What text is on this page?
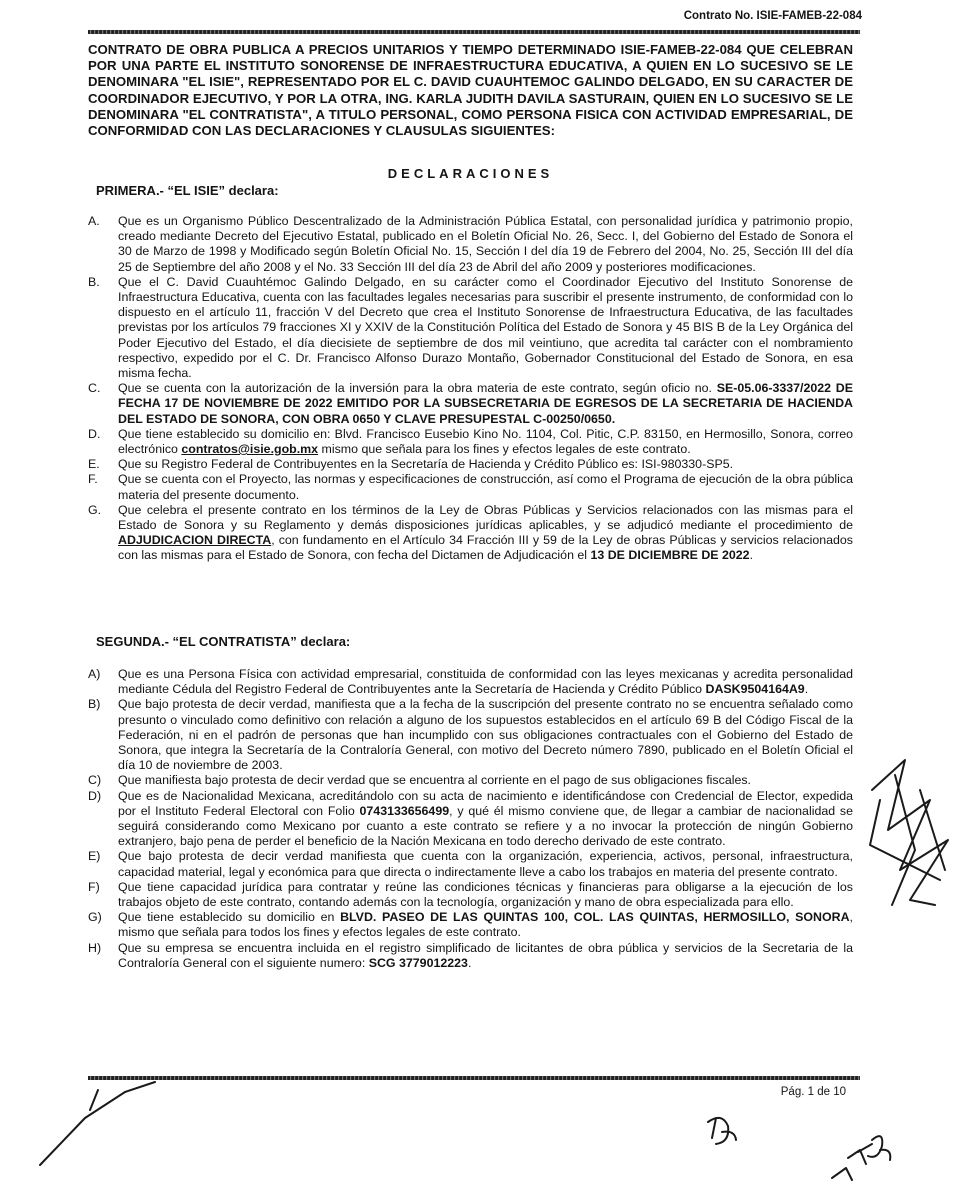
Contrato No. ISIE-FAMEB-22-084
CONTRATO DE OBRA PUBLICA A PRECIOS UNITARIOS Y TIEMPO DETERMINADO ISIE-FAMEB-22-084 QUE CELEBRAN POR UNA PARTE EL INSTITUTO SONORENSE DE INFRAESTRUCTURA EDUCATIVA, A QUIEN EN LO SUCESIVO SE LE DENOMINARA "EL ISIE", REPRESENTADO POR EL C. DAVID CUAUHTEMOC GALINDO DELGADO, EN SU CARACTER DE COORDINADOR EJECUTIVO, Y POR LA OTRA, ING. KARLA JUDITH DAVILA SASTURAIN, QUIEN EN LO SUCESIVO SE LE DENOMINARA "EL CONTRATISTA", A TITULO PERSONAL, COMO PERSONA FISICA CON ACTIVIDAD EMPRESARIAL, DE CONFORMIDAD CON LAS DECLARACIONES Y CLAUSULAS SIGUIENTES:
DECLARACIONES
PRIMERA.- “EL ISIE” declara:

A.	Que es un Organismo Público Descentralizado de la Administración Pública Estatal, con personalidad jurídica y patrimonio propio, creado mediante Decreto del Ejecutivo Estatal, publicado en el Boletín Oficial No. 26, Secc. I, del Gobierno del Estado de Sonora el 30 de Marzo de 1998 y Modificado según Boletín Oficial No. 15, Sección I del día 19 de Febrero del 2004, No. 25, Sección III del día 25 de Septiembre del año 2008 y el No. 33 Sección III del día 23 de Abril del año 2009 y posteriores modificaciones.

B.	Que el C. David Cuauhtémoc Galindo Delgado, en su carácter como el Coordinador Ejecutivo del Instituto Sonorense de Infraestructura Educativa, cuenta con las facultades legales necesarias para suscribir el presente instrumento, de conformidad con lo dispuesto en el artículo 11, fracción V del Decreto que crea el Instituto Sonorense de Infraestructura Educativa, de las facultades previstas por los artículos 79 fracciones XI y XXIV de la Constitución Política del Estado de Sonora y 45 BIS B de la Ley Orgánica del Poder Ejecutivo del Estado, el día diecisiete de septiembre de dos mil veintiuno, que acredita tal carácter con el nombramiento respectivo, expedido por el C. Dr. Francisco Alfonso Durazo Montaño, Gobernador Constitucional del Estado de Sonora, en esa misma fecha.

C.	Que se cuenta con la autorización de la inversión para la obra materia de este contrato, según oficio no. SE-05.06-3337/2022 DE FECHA 17 DE NOVIEMBRE DE 2022 EMITIDO POR LA SUBSECRETARIA DE EGRESOS DE LA SECRETARIA DE HACIENDA DEL ESTADO DE SONORA, CON OBRA 0650 Y CLAVE PRESUPESTAL C-00250/0650.

D.	Que tiene establecido su domicilio en: Blvd. Francisco Eusebio Kino No. 1104, Col. Pitic, C.P. 83150, en Hermosillo, Sonora, correo electrónico contratos@isie.gob.mx mismo que señala para los fines y efectos legales de este contrato.

E.	Que su Registro Federal de Contribuyentes en la Secretaría de Hacienda y Crédito Público es: ISI-980330-SP5.

F.	Que se cuenta con el Proyecto, las normas y especificaciones de construcción, así como el Programa de ejecución de la obra pública materia del presente documento.

G.	Que celebra el presente contrato en los términos de la Ley de Obras Públicas y Servicios relacionados con las mismas para el Estado de Sonora y su Reglamento y demás disposiciones jurídicas aplicables, y se adjudicó mediante el procedimiento de ADJUDICACION DIRECTA, con fundamento en el Artículo 34 Fracción III y 59 de la Ley de obras Públicas y servicios relacionados con las mismas para el Estado de Sonora, con fecha del Dictamen de Adjudicación el 13 DE DICIEMBRE DE 2022.

SEGUNDA.- “EL CONTRATISTA” declara:

A)	Que es una Persona Física con actividad empresarial, constituida de conformidad con las leyes mexicanas y acredita personalidad mediante Cédula del Registro Federal de Contribuyentes ante la Secretaría de Hacienda y Crédito Público DASK9504164A9.

B)	Que bajo protesta de decir verdad, manifiesta que a la fecha de la suscripción del presente contrato no se encuentra señalado como presunto o vinculado como definitivo con relación a alguno de los supuestos establecidos en el artículo 69 B del Código Fiscal de la Federación, ni en el padrón de personas que han incumplido con sus obligaciones contractuales con el Gobierno del Estado de Sonora, que integra la Secretaría de la Contraloría General, con motivo del Decreto número 7890, publicado en el Boletín Oficial el día 10 de noviembre de 2003.

C)	Que manifiesta bajo protesta de decir verdad que se encuentra al corriente en el pago de sus obligaciones fiscales.

D)	Que es de Nacionalidad Mexicana, acreditándolo con su acta de nacimiento e identificándose con Credencial de Elector, expedida por el Instituto Federal Electoral con Folio 0743133656499, y qué él mismo conviene que, de llegar a cambiar de nacionalidad se seguirá considerando como Mexicano por cuanto a este contrato se refiere y a no invocar la protección de ningún Gobierno extranjero, bajo pena de perder el beneficio de la Nación Mexicana en todo derecho derivado de este contrato.

E)	Que bajo protesta de decir verdad manifiesta que cuenta con la organización, experiencia, activos, personal, infraestructura, capacidad material, legal y económica para que directa o indirectamente lleve a cabo los trabajos en materia del presente contrato.

F)	Que tiene capacidad jurídica para contratar y reúne las condiciones técnicas y financieras para obligarse a la ejecución de los trabajos objeto de este contrato, contando además con la tecnología, organización y mano de obra especializada para ello.

G)	Que tiene establecido su domicilio en BLVD. PASEO DE LAS QUINTAS 100, COL. LAS QUINTAS, HERMOSILLO, SONORA, mismo que señala para todos los fines y efectos legales de este contrato.

H)	Que su empresa se encuentra incluida en el registro simplificado de licitantes de obra pública y servicios de la Secretaria de la Contraloría General con el siguiente numero: SCG 3779012223.

Pág. 1 de 10
